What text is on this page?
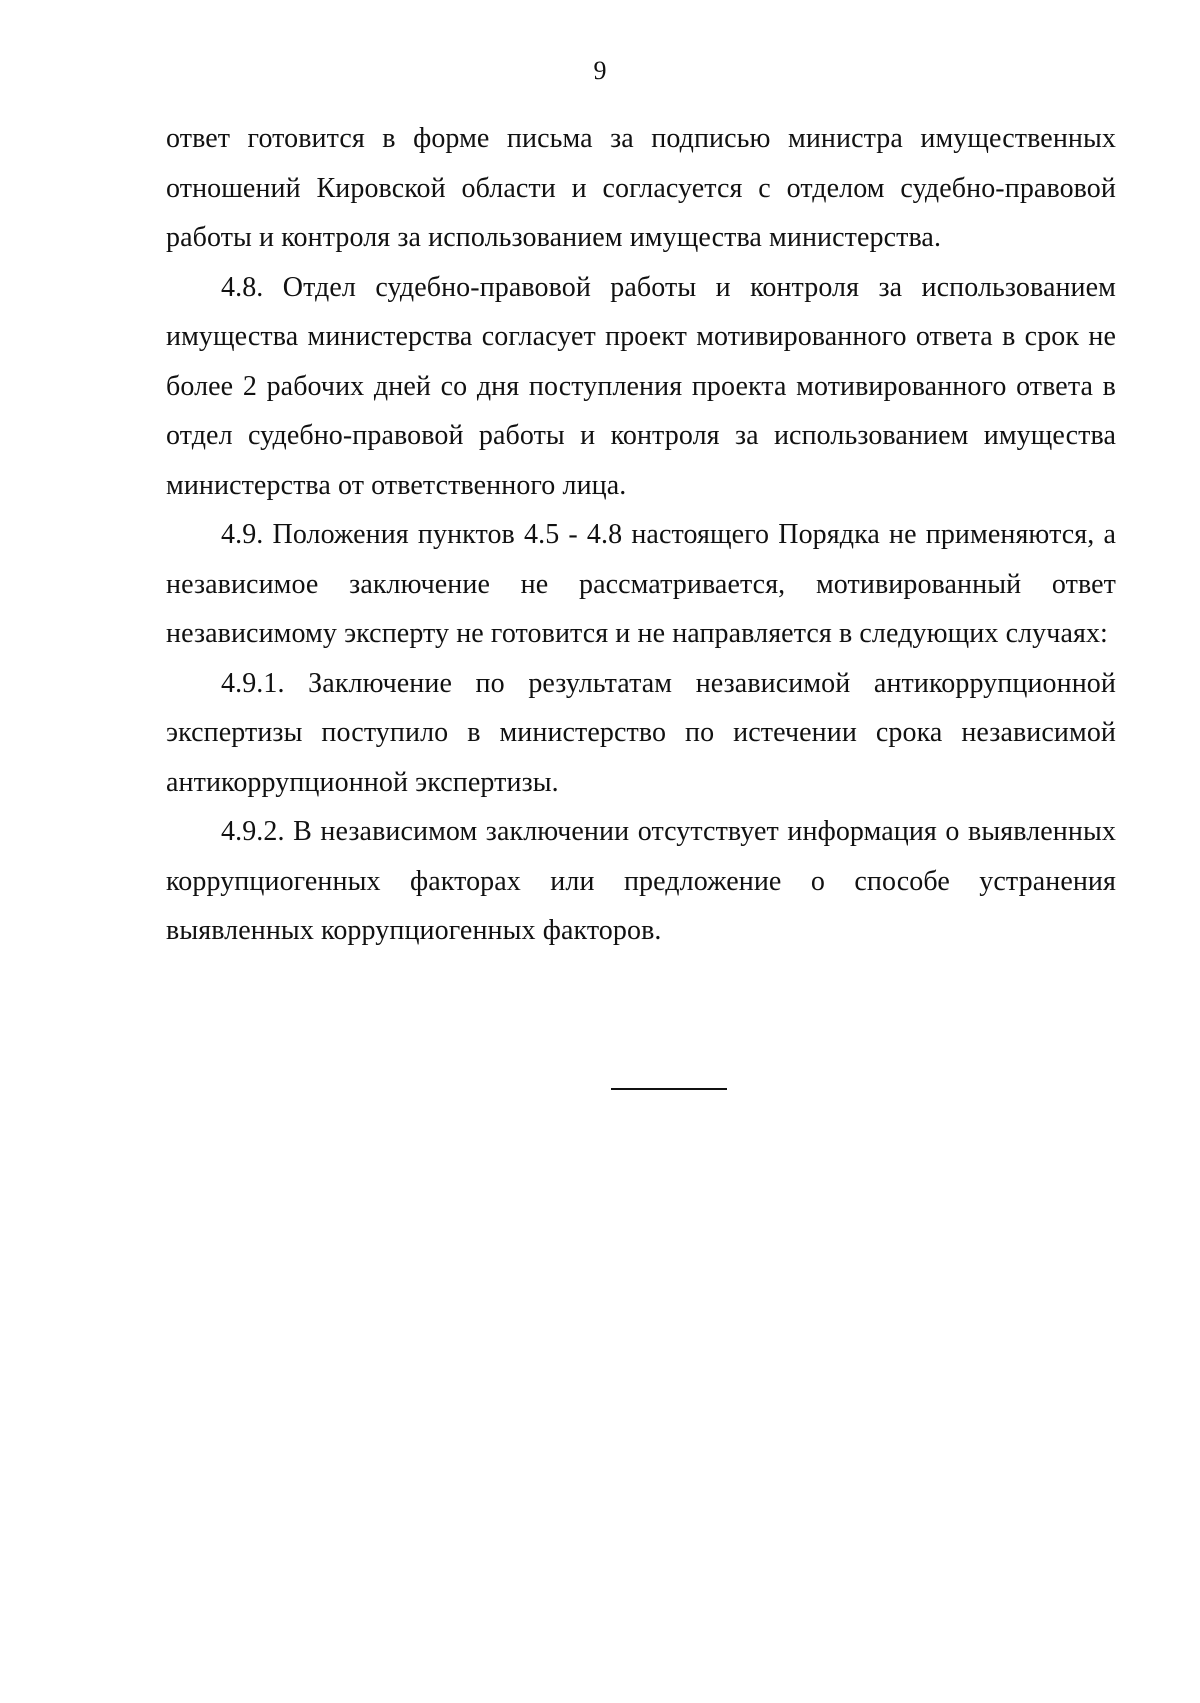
9

ответ готовится в форме письма за подписью министра имущественных отношений Кировской области и согласуется с отделом судебно-правовой работы и контроля за использованием имущества министерства.

4.8. Отдел судебно-правовой работы и контроля за использованием имущества министерства согласует проект мотивированного ответа в срок не более 2 рабочих дней со дня поступления проекта мотивированного ответа в отдел судебно-правовой работы и контроля за использованием имущества министерства от ответственного лица.

4.9. Положения пунктов 4.5 - 4.8 настоящего Порядка не применяются, а независимое заключение не рассматривается, мотивированный ответ независимому эксперту не готовится и не направляется в следующих случаях:

4.9.1. Заключение по результатам независимой антикоррупционной экспертизы поступило в министерство по истечении срока независимой антикоррупционной экспертизы.

4.9.2. В независимом заключении отсутствует информация о выявленных коррупциогенных факторах или предложение о способе устранения выявленных коррупциогенных факторов.
